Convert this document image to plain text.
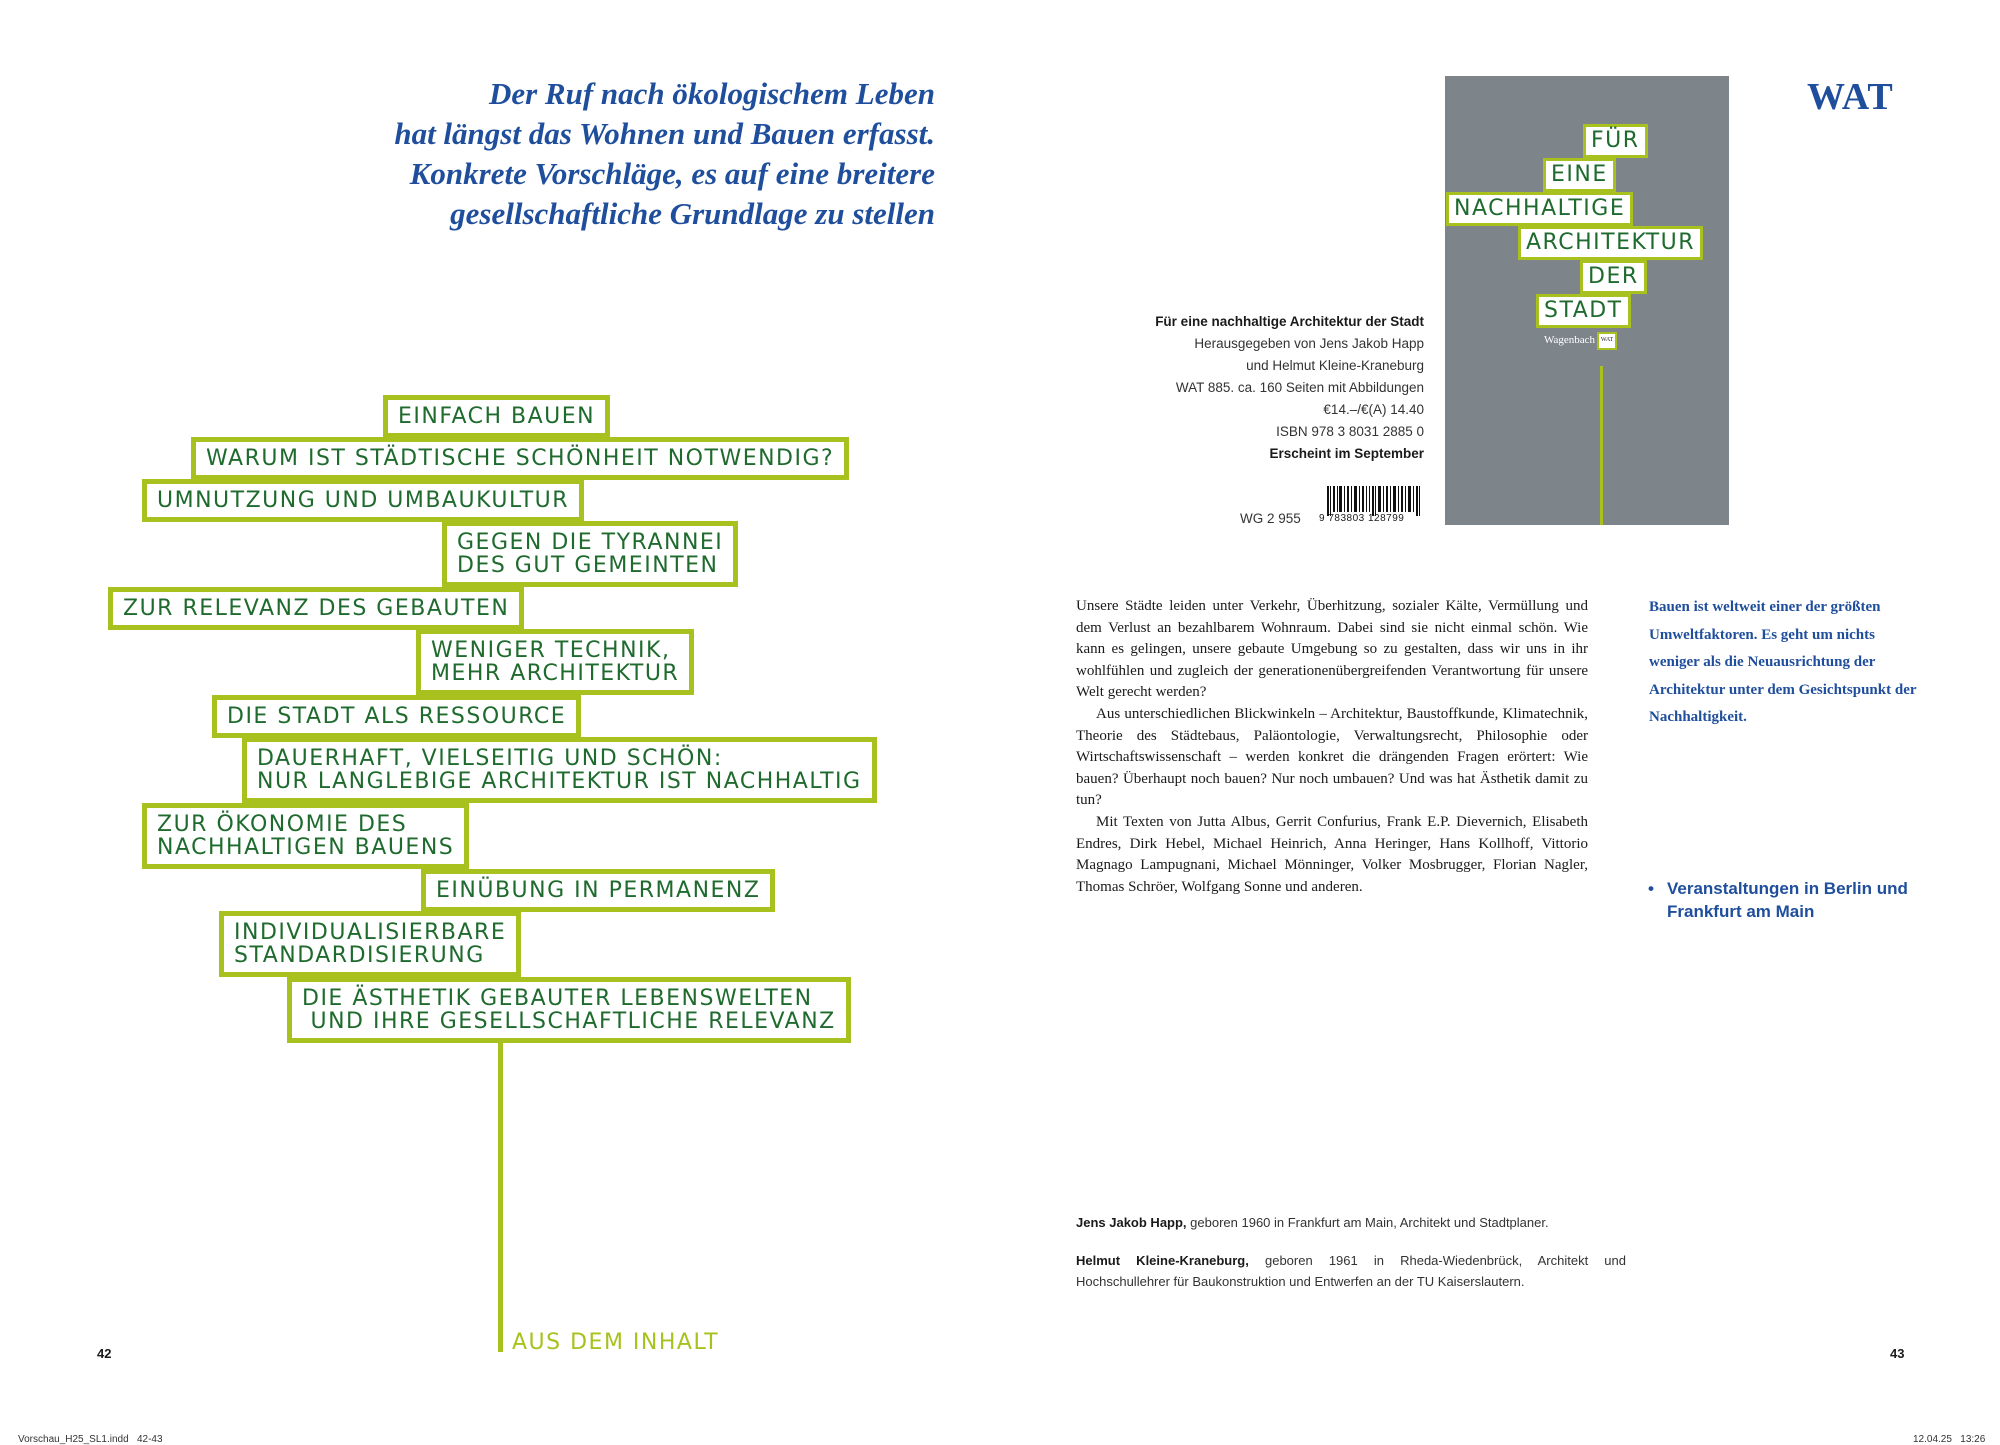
Der Ruf nach ökologischem Leben
hat längst das Wohnen und Bauen erfasst.
Konkrete Vorschläge, es auf eine breitere
gesellschaftliche Grundlage zu stellen
EINFACH BAUEN
WARUM IST STÄDTISCHE SCHÖNHEIT NOTWENDIG?
UMNUTZUNG UND UMBAUKULTUR
GEGEN DIE TYRANNEI
DES GUT GEMEINTEN
ZUR RELEVANZ DES GEBAUTEN
WENIGER TECHNIK,
MEHR ARCHITEKTUR
DIE STADT ALS RESSOURCE
DAUERHAFT, VIELSEITIG UND SCHÖN:
NUR LANGLEBIGE ARCHITEKTUR IST NACHHALTIG
ZUR ÖKONOMIE DES
NACHHALTIGEN BAUENS
EINÜBUNG IN PERMANENZ
INDIVIDUALISIERBARE
STANDARDISIERUNG
DIE ÄSTHETIK GEBAUTER LEBENSWELTEN
UND IHRE GESELLSCHAFTLICHE RELEVANZ
AUS DEM INHALT
42
Vorschau_H25_SL1.indd   42-43
Für eine nachhaltige Architektur der Stadt
Herausgegeben von Jens Jakob Happ
und Helmut Kleine-Kraneburg
WAT 885. ca. 160 Seiten mit Abbildungen
€14.–/€(A) 14.40
ISBN 978 3 8031 2885 0
Erscheint im September
WG 2 955 9 783803 128799
FÜR
EINE
NACHHALTIGE
ARCHITEKTUR
DER
STADT
Wagenbach WAT
WAT

Unsere Städte leiden unter Verkehr, Überhitzung, sozialer Kälte, Vermüllung und dem Verlust an bezahlbarem Wohnraum. Dabei sind sie nicht einmal schön. Wie kann es gelingen, unsere gebaute Umgebung so zu gestalten, dass wir uns in ihr wohlfühlen und zugleich der generationenübergreifenden Verantwortung für unsere Welt gerecht werden?

Aus unterschiedlichen Blickwinkeln – Architektur, Baustoffkunde, Klimatechnik, Theorie des Städtebaus, Paläontologie, Verwaltungsrecht, Philosophie oder Wirtschaftswissenschaft – werden konkret die drängenden Fragen erörtert: Wie bauen? Überhaupt noch bauen? Nur noch umbauen? Und was hat Ästhetik damit zu tun?

Mit Texten von Jutta Albus, Gerrit Confurius, Frank E.P. Dievernich, Elisabeth Endres, Dirk Hebel, Michael Heinrich, Anna Heringer, Hans Kollhoff, Vittorio Magnago Lampugnani, Michael Mönninger, Volker Mosbrugger, Florian Nagler, Thomas Schröer, Wolfgang Sonne und anderen.

Bauen ist weltweit einer der größten Umweltfaktoren. Es geht um nichts weniger als die Neuausrichtung der Architektur unter dem Gesichtspunkt der Nachhaltigkeit.
• Veranstaltungen in Berlin und Frankfurt am Main

Jens Jakob Happ, geboren 1960 in Frankfurt am Main, Architekt und Stadtplaner.

Helmut Kleine-Kraneburg, geboren 1961 in Rheda-Wiedenbrück, Architekt und Hochschullehrer für Baukonstruktion und Entwerfen an der TU Kaiserslautern.

43
12.04.25   13:26
